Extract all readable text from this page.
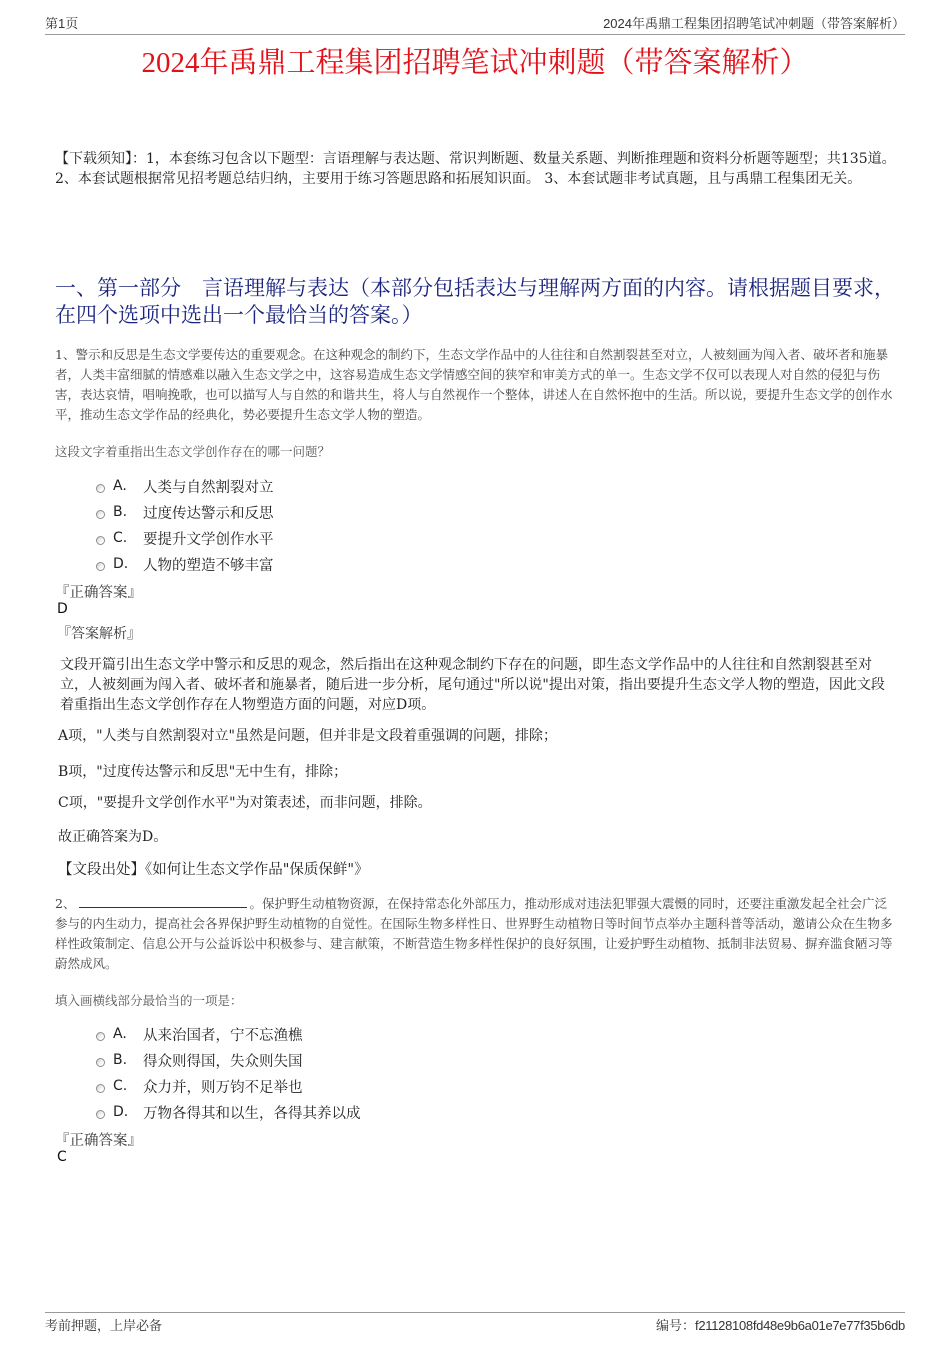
第1页	2024年禹鼎工程集团招聘笔试冲刺题（带答案解析）
2024年禹鼎工程集团招聘笔试冲刺题（带答案解析）

【下载须知】：1，本套练习包含以下题型：言语理解与表达题、常识判断题、数量关系题、判断推理题和资料分析题等题型；共135道。2、本套试题根据常见招考题总结归纳，主要用于练习答题思路和拓展知识面。 3、本套试题非考试真题，且与禹鼎工程集团无关。

一、第一部分　言语理解与表达（本部分包括表达与理解两方面的内容。请根据题目要求，在四个选项中选出一个最恰当的答案。）

1、警示和反思是生态文学要传达的重要观念。在这种观念的制约下，生态文学作品中的人往往和自然割裂甚至对立，人被刻画为闯入者、破坏者和施暴者，人类丰富细腻的情感难以融入生态文学之中，这容易造成生态文学情感空间的狭窄和审美方式的单一。生态文学不仅可以表现人对自然的侵犯与伤害，表达哀情，唱响挽歌，也可以描写人与自然的和谐共生，将人与自然视作一个整体，讲述人在自然怀抱中的生活。所以说，要提升生态文学的创作水平，推动生态文学作品的经典化，势必要提升生态文学人物的塑造。

这段文字着重指出生态文学创作存在的哪一问题？

A.	人类与自然割裂对立
B.	过度传达警示和反思
C.	要提升文学创作水平
D.	人物的塑造不够丰富

『正确答案』

D

『答案解析』

文段开篇引出生态文学中警示和反思的观念，然后指出在这种观念制约下存在的问题，即生态文学作品中的人往往和自然割裂甚至对立，人被刻画为闯入者、破坏者和施暴者，随后进一步分析，尾句通过"所以说"提出对策，指出要提升生态文学人物的塑造，因此文段着重指出生态文学创作存在人物塑造方面的问题，对应D项。

A项，"人类与自然割裂对立"虽然是问题，但并非是文段着重强调的问题，排除；

B项，"过度传达警示和反思"无中生有，排除；

C项，"要提升文学创作水平"为对策表述，而非问题，排除。

故正确答案为D。

【文段出处】《如何让生态文学作品"保质保鲜"》

2、	。保护野生动植物资源，在保持常态化外部压力，推动形成对违法犯罪强大震慑的同时，还要注重激发起全社会广泛参与的内生动力，提高社会各界保护野生动植物的自觉性。在国际生物多样性日、世界野生动植物日等时间节点举办主题科普等活动，邀请公众在生物多样性政策制定、信息公开与公益诉讼中积极参与、建言献策，不断营造生物多样性保护的良好氛围，让爱护野生动植物、抵制非法贸易、摒弃滥食陋习等蔚然成风。

填入画横线部分最恰当的一项是：

A.	从来治国者，宁不忘渔樵
B.	得众则得国，失众则失国
C.	众力并，则万钧不足举也
D.	万物各得其和以生，各得其养以成

『正确答案』

C

考前押题，上岸必备	编号：f21128108fd48e9b6a01e7e77f35b6db
